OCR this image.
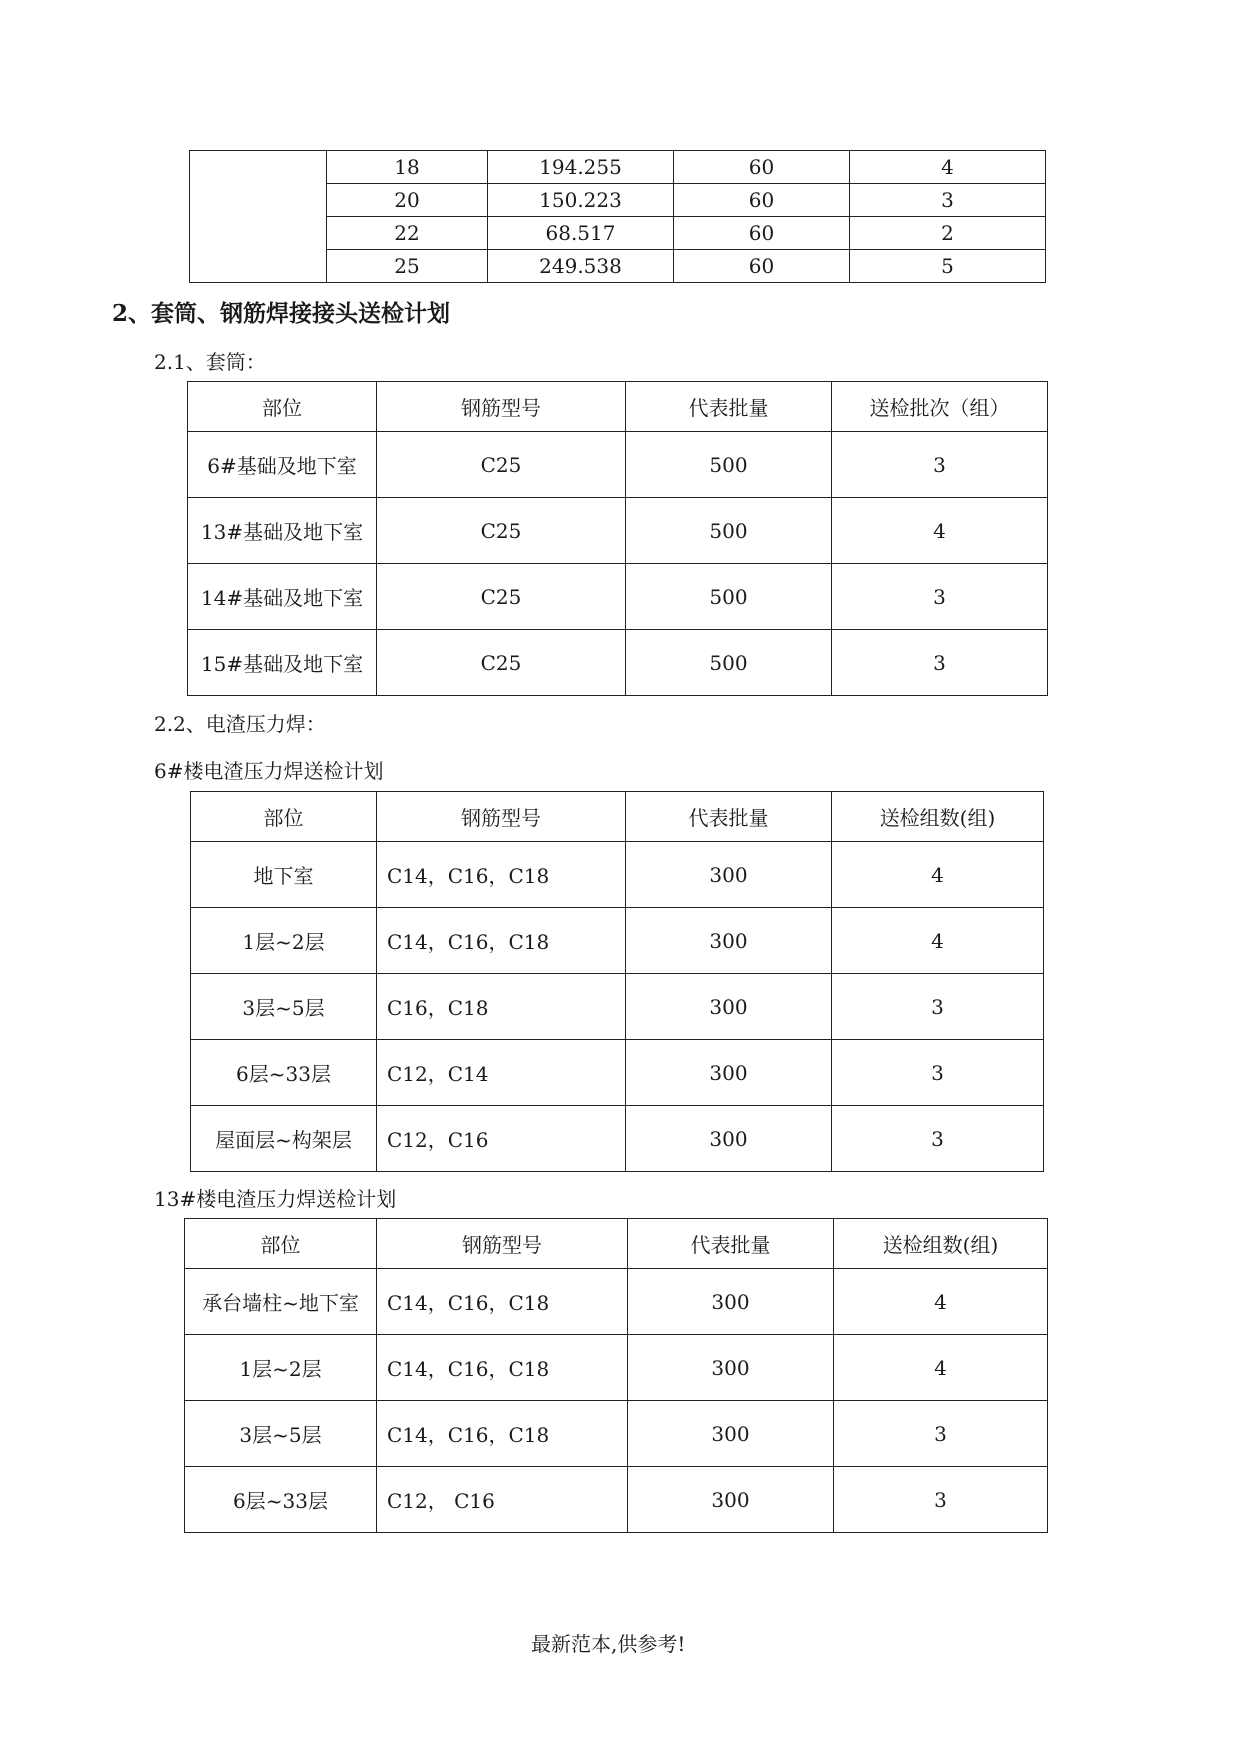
	18	194.255	60	4
	20	150.223	60	3
	22	68.517	60	2
	25	249.538	60	5
2、套筒、钢筋焊接接头送检计划
2.1、套筒：
部位	钢筋型号	代表批量	送检批次（组）
6#基础及地下室	C25	500	3
13#基础及地下室	C25	500	4
14#基础及地下室	C25	500	3
15#基础及地下室	C25	500	3
2.2、电渣压力焊：
6#楼电渣压力焊送检计划
部位	钢筋型号	代表批量	送检组数(组)
地下室	C14，C16，C18	300	4
1层~2层	C14，C16，C18	300	4
3层~5层	C16，C18	300	3
6层~33层	C12，C14	300	3
屋面层~构架层	C12，C16	300	3
13#楼电渣压力焊送检计划
部位	钢筋型号	代表批量	送检组数(组)
承台墙柱~地下室	C14，C16，C18	300	4
1层~2层	C14，C16，C18	300	4
3层~5层	C14，C16，C18	300	3
6层~33层	C12， C16	300	3
最新范本,供参考!
